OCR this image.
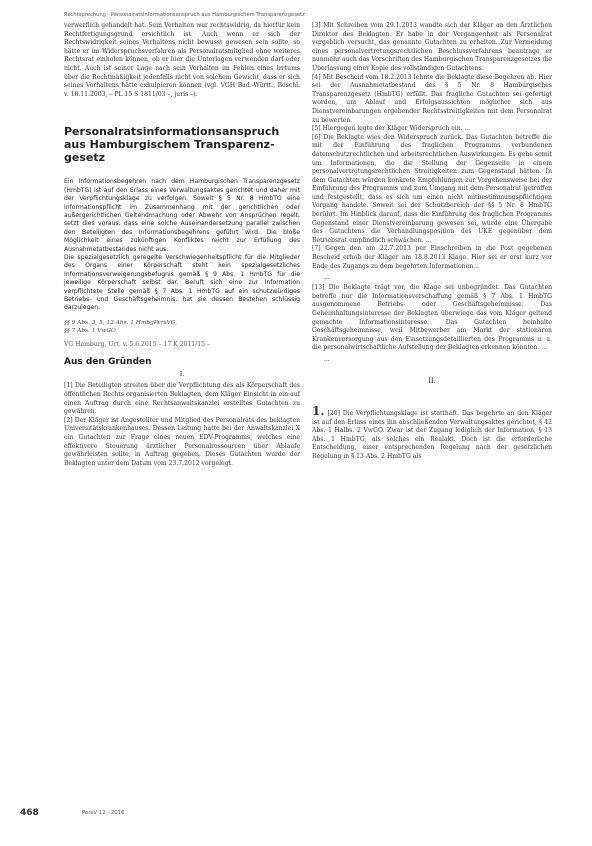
Rechtsprechung · Personalratsinformationsanspruch aus Hamburgischem Transparenzgesetz

verwerflich gehandelt hat. Sein Verhalten war rechtswidrig, da hierfür kein Rechtfertigungsgrund ersichtlich ist. Auch wenn er sich der Rechtswidrigkeit seines Verhaltens nicht bewusst gewesen sein sollte, so hätte er im Widerspruchsverfahren als Personalratsmitglied ohne weiteres Rechtsrat einholen können, ob er hier die Unterlagen verwenden darf oder nicht. Auch ist seiner Lage nach sein Verhalten im Fehlen eines Irrtums über die Rechtmäßigkeit jedenfalls nicht von solchem Gewicht, dass er sich seines Verhaltens hätte exkulpieren können (vgl. VGH Bad.-Württ., Beschl. v. 18.11.2003, – PL 15 S 1811/03 –, juris –).

Personalratsinformationsanspruch aus Hamburgischem Transparenz-gesetz

Ein Informationsbegehren nach dem Hamburgischen Transparenzgesetz (HmbTG) ist auf den Erlass eines Verwaltungsaktes gerichtet und daher mit der Verpflichtungsklage zu verfolgen. Soweit § 5 Nr. 8 HmbTG eine Informationspflicht im Zusammenhang mit der gerichtlichen oder außergerichtlichen Geltendmachung oder Abwehr von Ansprüchen regelt, setzt dies voraus, dass eine solche Auseinandersetzung parallel zwischen den Beteiligten des Informationsbegehrens geführt wird. Die bloße Möglichkeit eines zukünftigen Konfliktes reicht zur Erfüllung des Ausnahmetatbestandes nicht aus.

Die spezialgesetzlich geregelte Verschwiegenheitspflicht für die Mitglieder des Organs einer Körperschaft steht kein spezialgesetzliches Informationsverweigerungsbefugnis gemäß § 9 Abs. 1 HmbTG für die jeweilige Körperschaft selbst dar. Beruft sich eine zur Information verpflichtete Stelle gemäß § 7 Abs. 1 HmbTG auf ein schutzwürdiges Betriebs- und Geschäftsgeheimnis, hat sie dessen Bestehen schlüssig darzulegen.

§§ 9 Abs. 3, 5, 12 Abs. 1 HmbgPersVG,

§§ 7 Abs. 1 VwGO

VG Hamburg, Urt. v. 5.6.2015 – 17 K 2011/15 –

Aus den Gründen
I.

[1] Die Beteiligten streiten über die Verpflichtung des als Körperschaft des öffentlichen Rechts organisierten Beklagten, dem Kläger Einsicht in ein auf einen Auftrag durch eine Rechtsanwaltskanzlei erstelltes Gutachten zu gewähren.

[2] Der Kläger ist Angestellter und Mitglied des Personalrats des beklagten Universitätskrankenhauses. Dessen Leitung hatte bei der Anwaltskanzlei X ein Gutachten zur Frage eines neuen EDV-Programms, welches eine effektivere Steuerung ärztlicher Personalressourcen über Ablaufe gewährleisten sollte, in Auftrag gegeben. Dieses Gutachten wurde der Beklagten unter dem Datum vom 23.7.2012 vorgelegt.

[3] Mit Schreiben vom 29.1.2013 wandte sich der Kläger an den Ärztlichen Direktor des Beklagten. Er habe in der Vergangenheit als Personalrat vergeblich versucht, das genannte Gutachten zu erhalten. Zur Vermeidung eines personalvertretungsrechtlichen Beschlussverfahrens beantrage er nunmehr auch das Vorschriften des Hamburgischen Transparenzgesetzes die Überlassung einer Kopie des vollständigen Gutachtens.

[4] Mit Bescheid vom 18.2.2013 lehnte die Beklagte diese Begehren ab. Hier sei der Ausnahmetatbestand des § 5 Nr. 8 Hamburgisches Transparenzgesetz (HmbTG) erfüllt. Das fragliche Gutachten sei gefertigt worden, um Ablauf und Erfolgsaussichten möglicher sich aus Dienstvereinbarungen ergebender Rechtsstreitigkeiten mit dem Personalrat zu bewerten.

[5] Hiergegen legte der Kläger Widerspruch ein. ...

[6] Die Beklagte wies den Widerspruch zurück. Das Gutachten betreffe die mit der Einführung des fraglichen Programms verbundenen datenschutzrechtlichen und arbeitsrechtlichen Auswirkungen. Es gehe somit um Informationen, die die Stellung der Gegenseite in einem personalvertretungsrechtlichen Streitigkeiten zum Gegenstand hätten. In dem Gutachten würden konkrete Empfehlungen zur Vorgehensweise bei der Einführung des Programms und zum Umgang mit dem Personalrat getroffen und festgestellt, dass es sich um einen nicht mitbestimmungspflichtigen Vorgang handele. Soweit sei der Schutzbereich der §§ 5 Nr. 8 HmbTG berührt. Im Hinblick darauf, dass die Einführung des fraglichen Programms Gegenstand einer Dienstvereinbarung gewesen sei, würde eine Übergabe des Gutachtens die Verhandlungsposition des UKE gegenüber dem Betriebsrat empfindlich schwächen. ...

[7] Gegen den am 22.7.2013 per Einschreiben in die Post gegebenen Bescheid erhob der Kläger am 18.8.2013 Klage. Hier sei er erst kurz vor Ende des Zugangs zu dem begehrten Informationen...

...

[13] Die Beklagte trägt vor, die Klage sei unbegründet. Das Gutachten betreffe nur die Informationsverschaffung gemäß § 7 Abs. 1 HmbTG ausgenommene Betriebs- oder Geschäftsgeheimnisse. Das Geheimhaltungsinteresse der Beklagten überwiege das vom Kläger geltend gemachte Informationsinteresse. Das Gutachten beinhalte Geschäftsgeheimnisse, weil Mitbewerber am Markt der stationären Krankenversorgung aus den Einsetzungsdetaillierten des Programms u. a. die personalwirtschaftliche Aufstellung der Beklagten erkennen könnten. ...

...
II.

1. [20] Die Verpflichtungsklage ist statthaft. Das begehrte an den Kläger ist auf den Erlass eines ihn abschließenden Verwaltungsaktes gerichtet, § 42 Abs. 1 Halbs. 2 VwGO. Zwar ist der Zugang lediglich der Information, § 13 Abs. 1 HmbTG, als solches ein Realakt. Doch ist die erforderliche Entscheidung, einer entsprechenden Regelung nach der gesetzlichen Regelung in § 13 Abs. 2 HmbTG als

468	PersV 12 · 2016
